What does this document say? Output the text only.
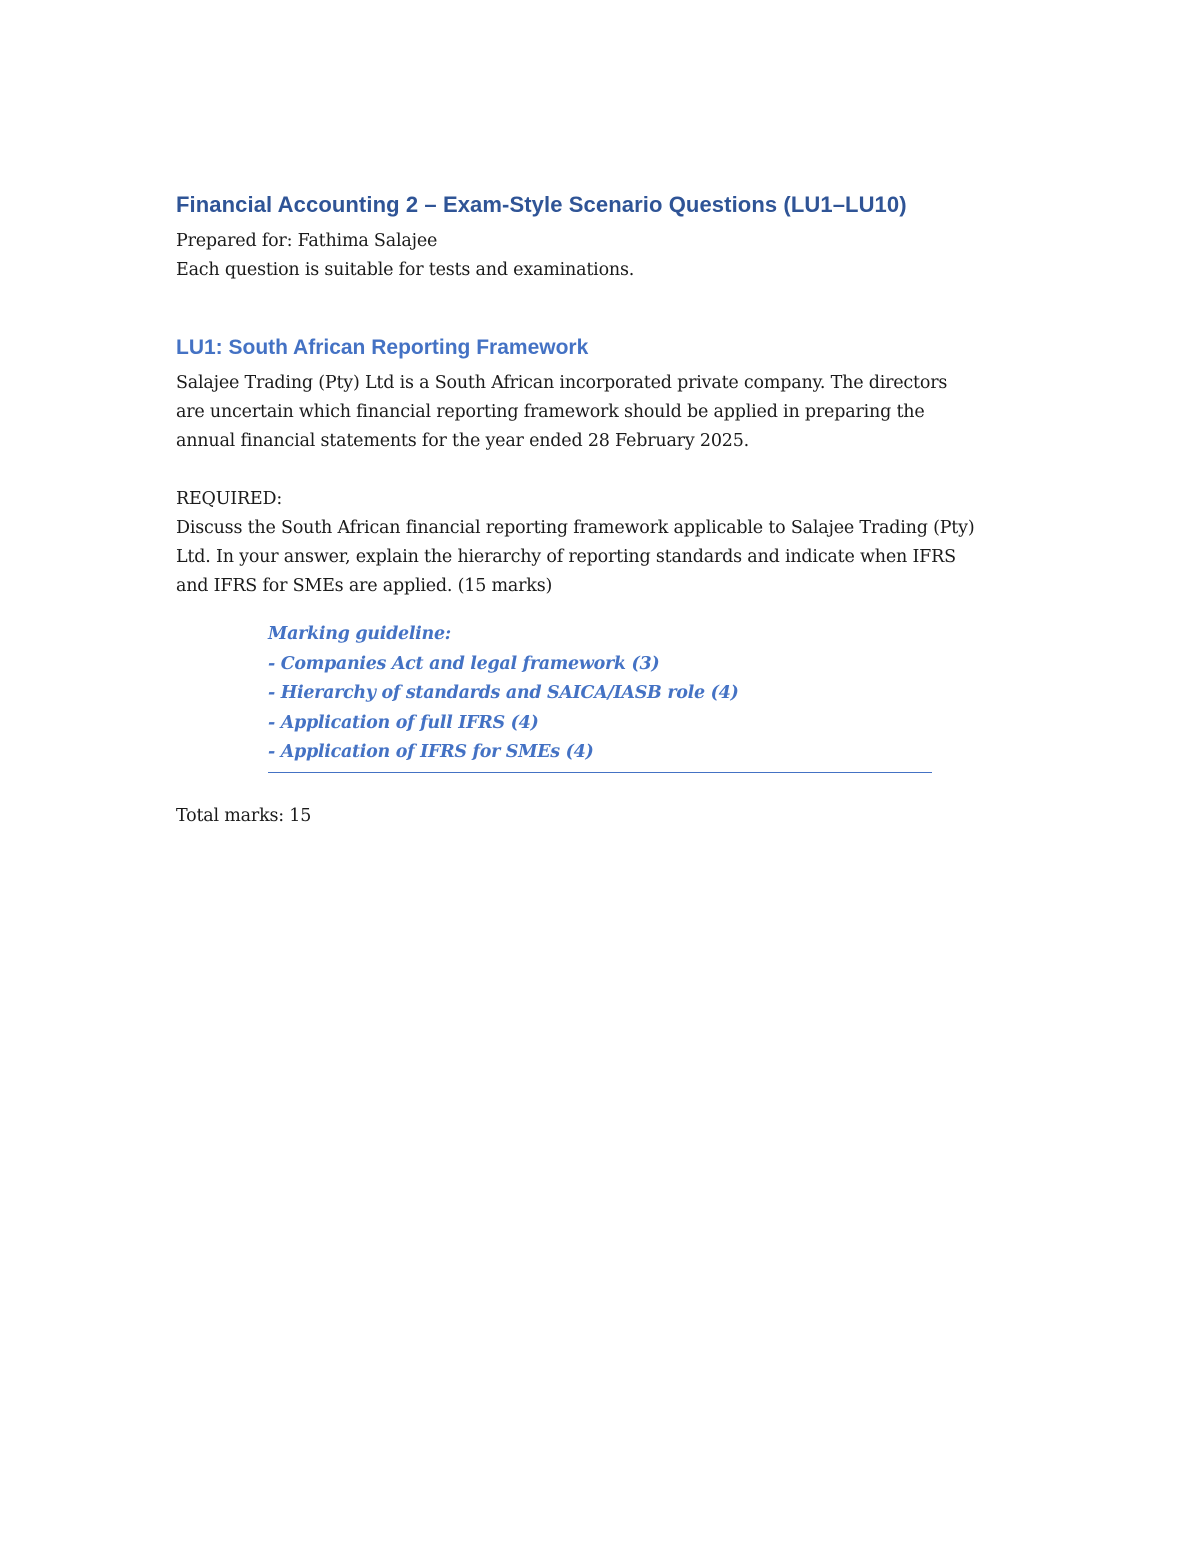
Financial Accounting 2 – Exam-Style Scenario Questions (LU1–LU10)
Prepared for: Fathima Salajee
Each question is suitable for tests and examinations.
LU1: South African Reporting Framework
Salajee Trading (Pty) Ltd is a South African incorporated private company. The directors
are uncertain which financial reporting framework should be applied in preparing the
annual financial statements for the year ended 28 February 2025.
REQUIRED:
Discuss the South African financial reporting framework applicable to Salajee Trading (Pty)
Ltd. In your answer, explain the hierarchy of reporting standards and indicate when IFRS
and IFRS for SMEs are applied. (15 marks)
Marking guideline:
- Companies Act and legal framework (3)
- Hierarchy of standards and SAICA/IASB role (4)
- Application of full IFRS (4)
- Application of IFRS for SMEs (4)
Total marks: 15
